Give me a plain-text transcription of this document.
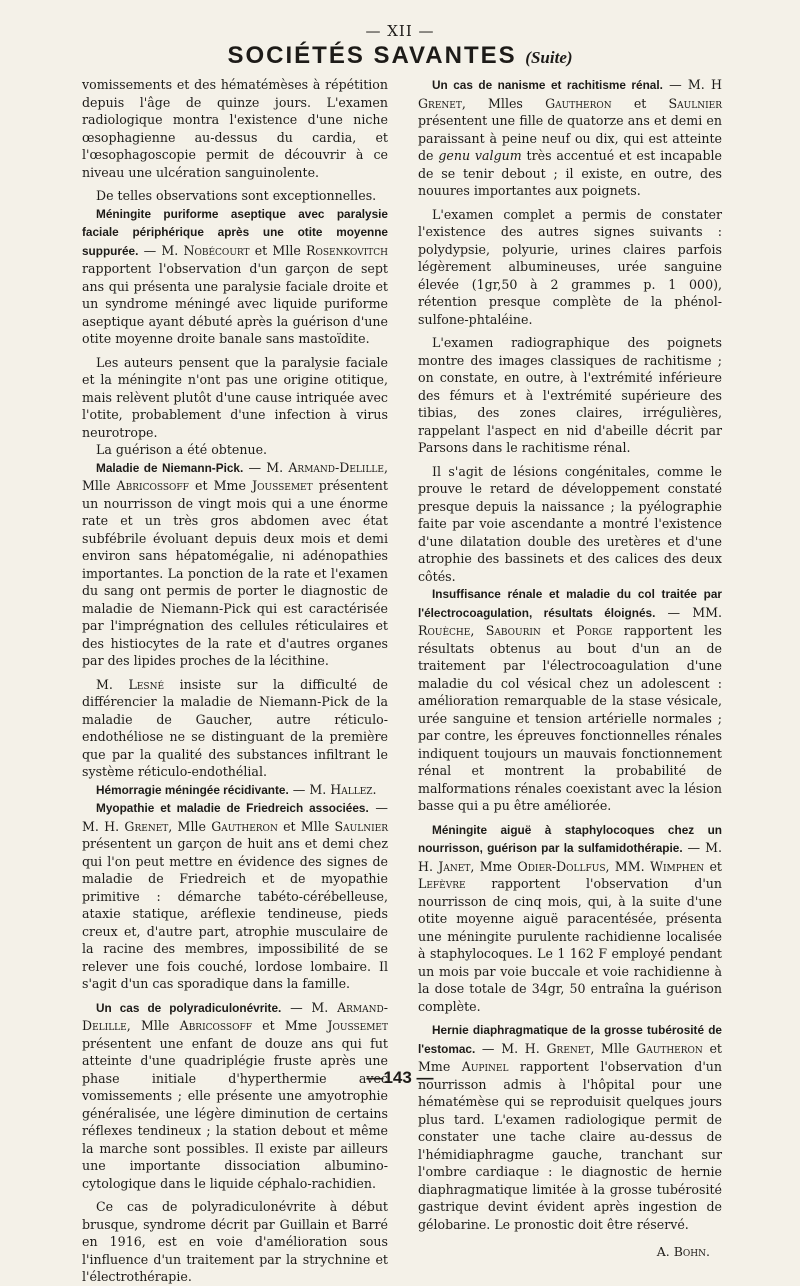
— XII —
SOCIÉTÉS SAVANTES (Suite)

vomissements et des hématémèses à répétition depuis l'âge de quinze jours. L'examen radiologique montra l'existence d'une niche œsophagienne au-dessus du cardia, et l'œsophagoscopie permit de découvrir à ce niveau une ulcération sanguinolente.

De telles observations sont exceptionnelles.

Méningite puriforme aseptique avec paralysie faciale périphérique après une otite moyenne suppurée. — M. Nobécourt et Mlle Rosenkovitch rapportent l'observation d'un garçon de sept ans qui présenta une paralysie faciale droite et un syndrome méningé avec liquide puriforme aseptique ayant débuté après la guérison d'une otite moyenne droite banale sans mastoïdite.

Les auteurs pensent que la paralysie faciale et la méningite n'ont pas une origine otitique, mais relèvent plutôt d'une cause intriquée avec l'otite, probablement d'une infection à virus neurotrope.

La guérison a été obtenue.

Maladie de Niemann-Pick. — M. Armand-Delille, Mlle Abricossoff et Mme Joussemet présentent un nourrisson de vingt mois qui a une énorme rate et un très gros abdomen avec état subfébrile évoluant depuis deux mois et demi environ sans hépatomégalie, ni adénopathies importantes. La ponction de la rate et l'examen du sang ont permis de porter le diagnostic de maladie de Niemann-Pick qui est caractérisée par l'imprégnation des cellules réticulaires et des histiocytes de la rate et d'autres organes par des lipides proches de la lécithine.

M. Lesné insiste sur la difficulté de différencier la maladie de Niemann-Pick de la maladie de Gaucher, autre réticulo-endothéliose ne se distinguant de la première que par la qualité des substances infiltrant le système réticulo-endothélial.

Hémorragie méningée récidivante. — M. Hallez.

Myopathie et maladie de Friedreich associées. — M. H. Grenet, Mlle Gautheron et Mlle Saulnier présentent un garçon de huit ans et demi chez qui l'on peut mettre en évidence des signes de maladie de Friedreich et de myopathie primitive : démarche tabéto-cérébelleuse, ataxie statique, aréflexie tendineuse, pieds creux et, d'autre part, atrophie musculaire de la racine des membres, impossibilité de se relever une fois couché, lordose lombaire. Il s'agit d'un cas sporadique dans la famille.

Un cas de polyradiculonévrite. — M. Armand-Delille, Mlle Abricossoff et Mme Joussemet présentent une enfant de douze ans qui fut atteinte d'une quadriplégie fruste après une phase initiale d'hyperthermie avec vomissements ; elle présente une amyotrophie généralisée, une légère diminution de certains réflexes tendineux ; la station debout et même la marche sont possibles. Il existe par ailleurs une importante dissociation albumino-cytologique dans le liquide céphalo-rachidien.

Ce cas de polyradiculonévrite à début brusque, syndrome décrit par Guillain et Barré en 1916, est en voie d'amélioration sous l'influence d'un traitement par la strychnine et l'électrothérapie.

Un cas de nanisme et rachitisme rénal. — M. H Grenet, Mlles Gautheron et Saulnier présentent une fille de quatorze ans et demi en paraissant à peine neuf ou dix, qui est atteinte de genu valgum très accentué et est incapable de se tenir debout ; il existe, en outre, des nouures importantes aux poignets.

L'examen complet a permis de constater l'existence des autres signes suivants : polydypsie, polyurie, urines claires parfois légèrement albumineuses, urée sanguine élevée (1gr,50 à 2 grammes p. 1 000), rétention presque complète de la phénol-sulfone-phtaléine.

L'examen radiographique des poignets montre des images classiques de rachitisme ; on constate, en outre, à l'extrémité inférieure des fémurs et à l'extrémité supérieure des tibias, des zones claires, irrégulières, rappelant l'aspect en nid d'abeille décrit par Parsons dans le rachitisme rénal.

Il s'agit de lésions congénitales, comme le prouve le retard de développement constaté presque depuis la naissance ; la pyélographie faite par voie ascendante a montré l'existence d'une dilatation double des uretères et d'une atrophie des bassinets et des calices des deux côtés.

Insuffisance rénale et maladie du col traitée par l'électrocoagulation, résultats éloignés. — MM. Rouèche, Sabourin et Porge rapportent les résultats obtenus au bout d'un an de traitement par l'électrocoagulation d'une maladie du col vésical chez un adolescent : amélioration remarquable de la stase vésicale, urée sanguine et tension artérielle normales ; par contre, les épreuves fonctionnelles rénales indiquent toujours un mauvais fonctionnement rénal et montrent la probabilité de malformations rénales coexistant avec la lésion basse qui a pu être améliorée.

Méningite aiguë à staphylocoques chez un nourrisson, guérison par la sulfamidothérapie. — M. H. Janet, Mme Odier-Dollfus, MM. Wimphen et Lefèvre rapportent l'observation d'un nourrisson de cinq mois, qui, à la suite d'une otite moyenne aiguë paracentésée, présenta une méningite purulente rachidienne localisée à staphylocoques. Le 1 162 F employé pendant un mois par voie buccale et voie rachidienne à la dose totale de 34gr, 50 entraîna la guérison complète.

Hernie diaphragmatique de la grosse tubérosité de l'estomac. — M. H. Grenet, Mlle Gautheron et Mme Aupinel rapportent l'observation d'un nourrisson admis à l'hôpital pour une hématémèse qui se reproduisit quelques jours plus tard. L'examen radiologique permit de constater une tache claire au-dessus de l'hémidiaphragme gauche, tranchant sur l'ombre cardiaque : le diagnostic de hernie diaphragmatique limitée à la grosse tubérosité gastrique devint évident après ingestion de gélobarine. Le pronostic doit être réservé.

A. Bohn.
—143 —
